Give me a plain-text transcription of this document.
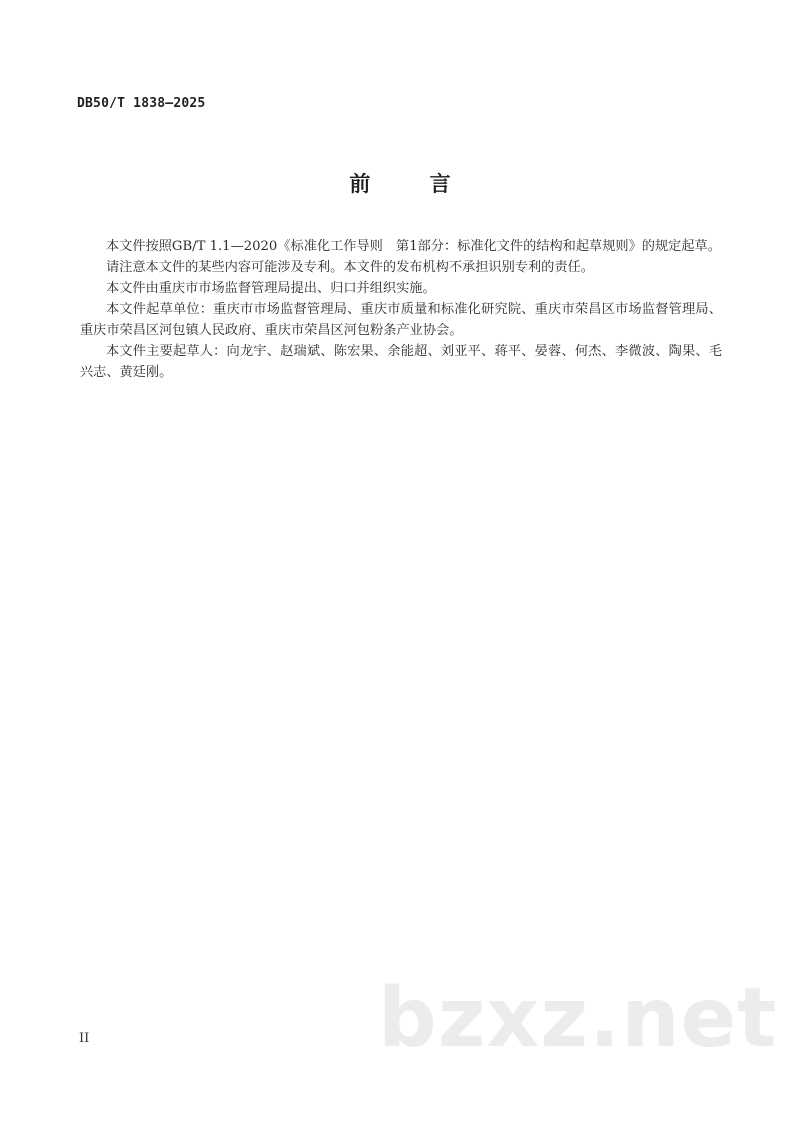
DB50/T 1838—2025
前 言

本文件按照GB/T 1.1—2020《标准化工作导则　第1部分：标准化文件的结构和起草规则》的规定起草。

请注意本文件的某些内容可能涉及专利。本文件的发布机构不承担识别专利的责任。

本文件由重庆市市场监督管理局提出、归口并组织实施。

本文件起草单位：重庆市市场监督管理局、重庆市质量和标准化研究院、重庆市荣昌区市场监督管理局、重庆市荣昌区河包镇人民政府、重庆市荣昌区河包粉条产业协会。

本文件主要起草人：向龙宇、赵瑞斌、陈宏果、余能超、刘亚平、蒋平、晏蓉、何杰、李微波、陶果、毛兴志、黄廷刚。

II	bzxz.net
